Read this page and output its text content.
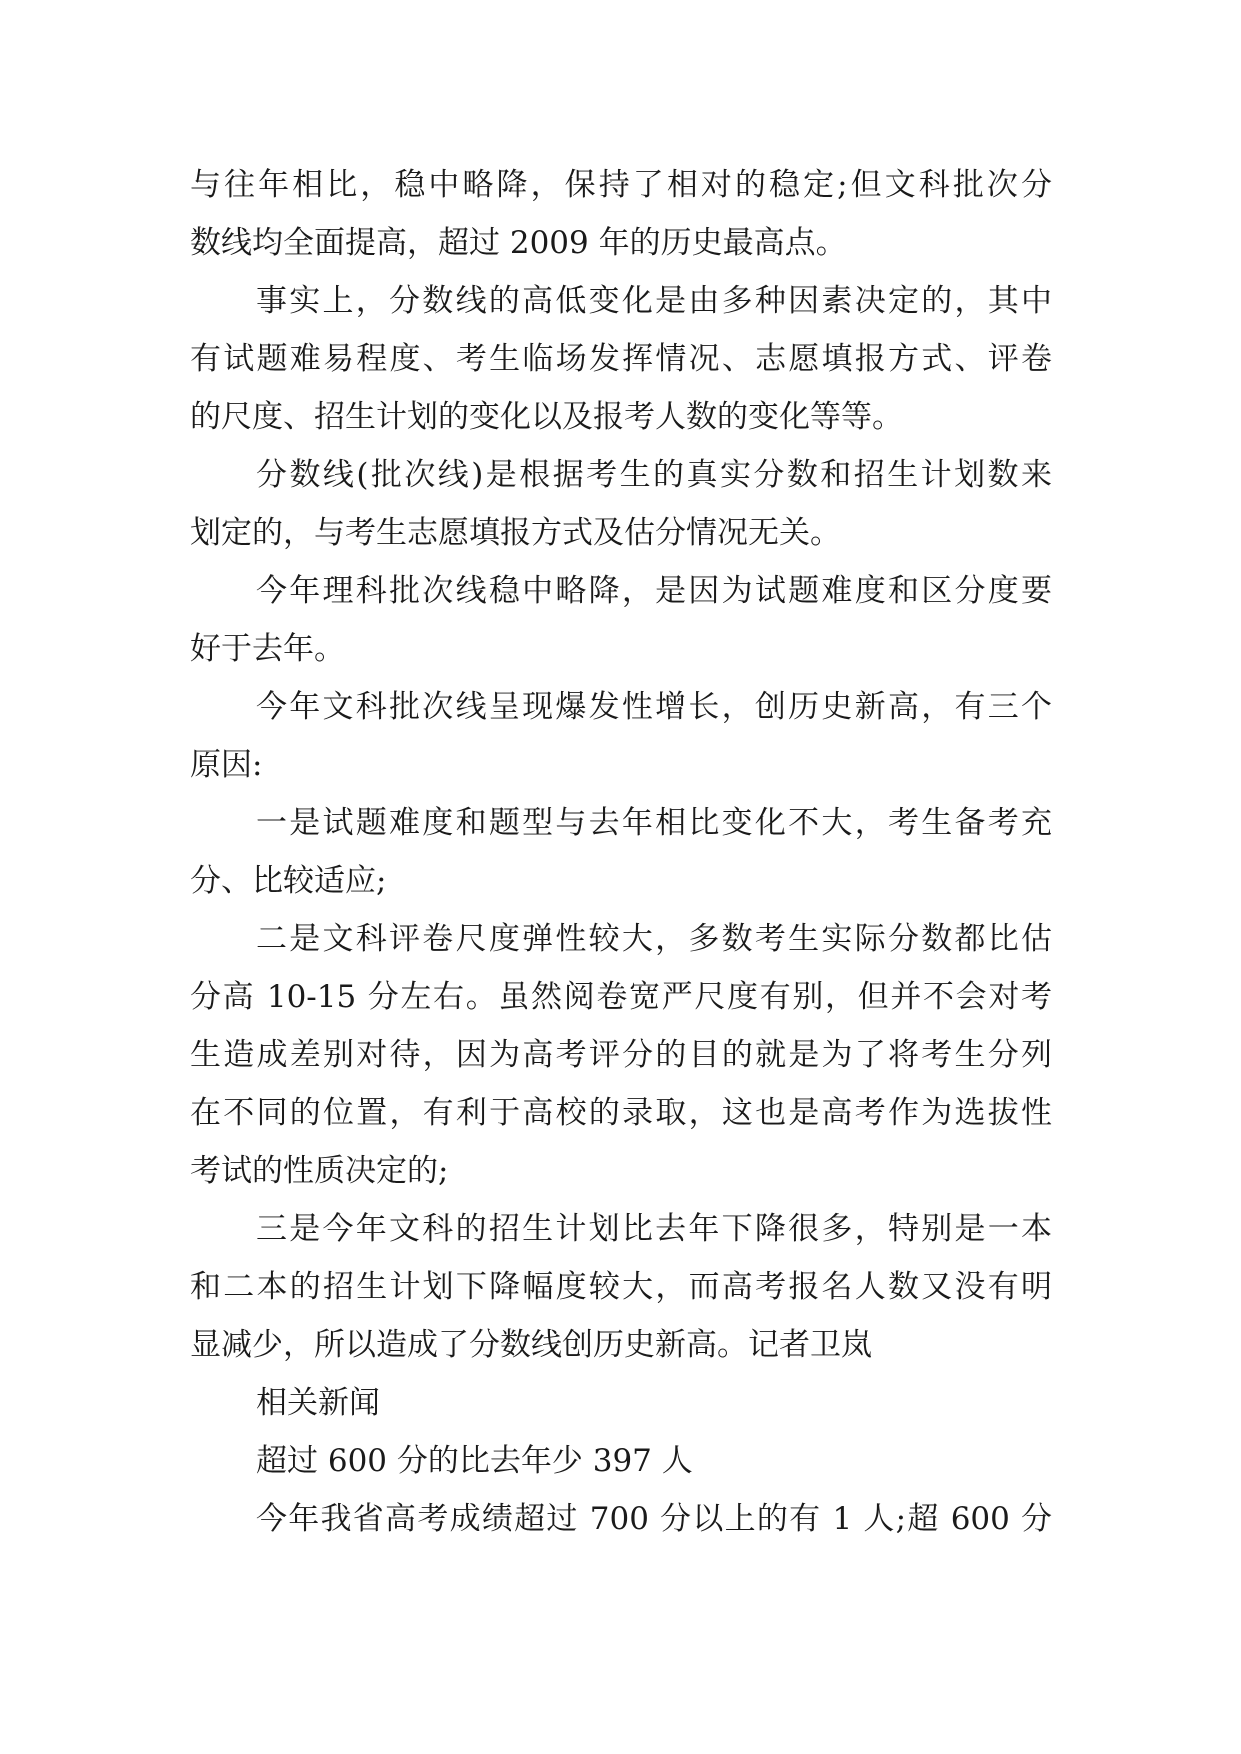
与往年相比，稳中略降，保持了相对的稳定;但文科批次分
数线均全面提高，超过 2009 年的历史最高点。
事实上，分数线的高低变化是由多种因素决定的，其中
有试题难易程度、考生临场发挥情况、志愿填报方式、评卷
的尺度、招生计划的变化以及报考人数的变化等等。
分数线(批次线)是根据考生的真实分数和招生计划数来
划定的，与考生志愿填报方式及估分情况无关。
今年理科批次线稳中略降，是因为试题难度和区分度要
好于去年。
今年文科批次线呈现爆发性增长，创历史新高，有三个
原因:
一是试题难度和题型与去年相比变化不大，考生备考充
分、比较适应;
二是文科评卷尺度弹性较大，多数考生实际分数都比估
分高 10-15 分左右。虽然阅卷宽严尺度有别，但并不会对考
生造成差别对待，因为高考评分的目的就是为了将考生分列
在不同的位置，有利于高校的录取，这也是高考作为选拔性
考试的性质决定的;
三是今年文科的招生计划比去年下降很多，特别是一本
和二本的招生计划下降幅度较大，而高考报名人数又没有明
显减少，所以造成了分数线创历史新高。记者卫岚
相关新闻
超过 600 分的比去年少 397 人
今年我省高考成绩超过 700 分以上的有 1 人;超 600 分
